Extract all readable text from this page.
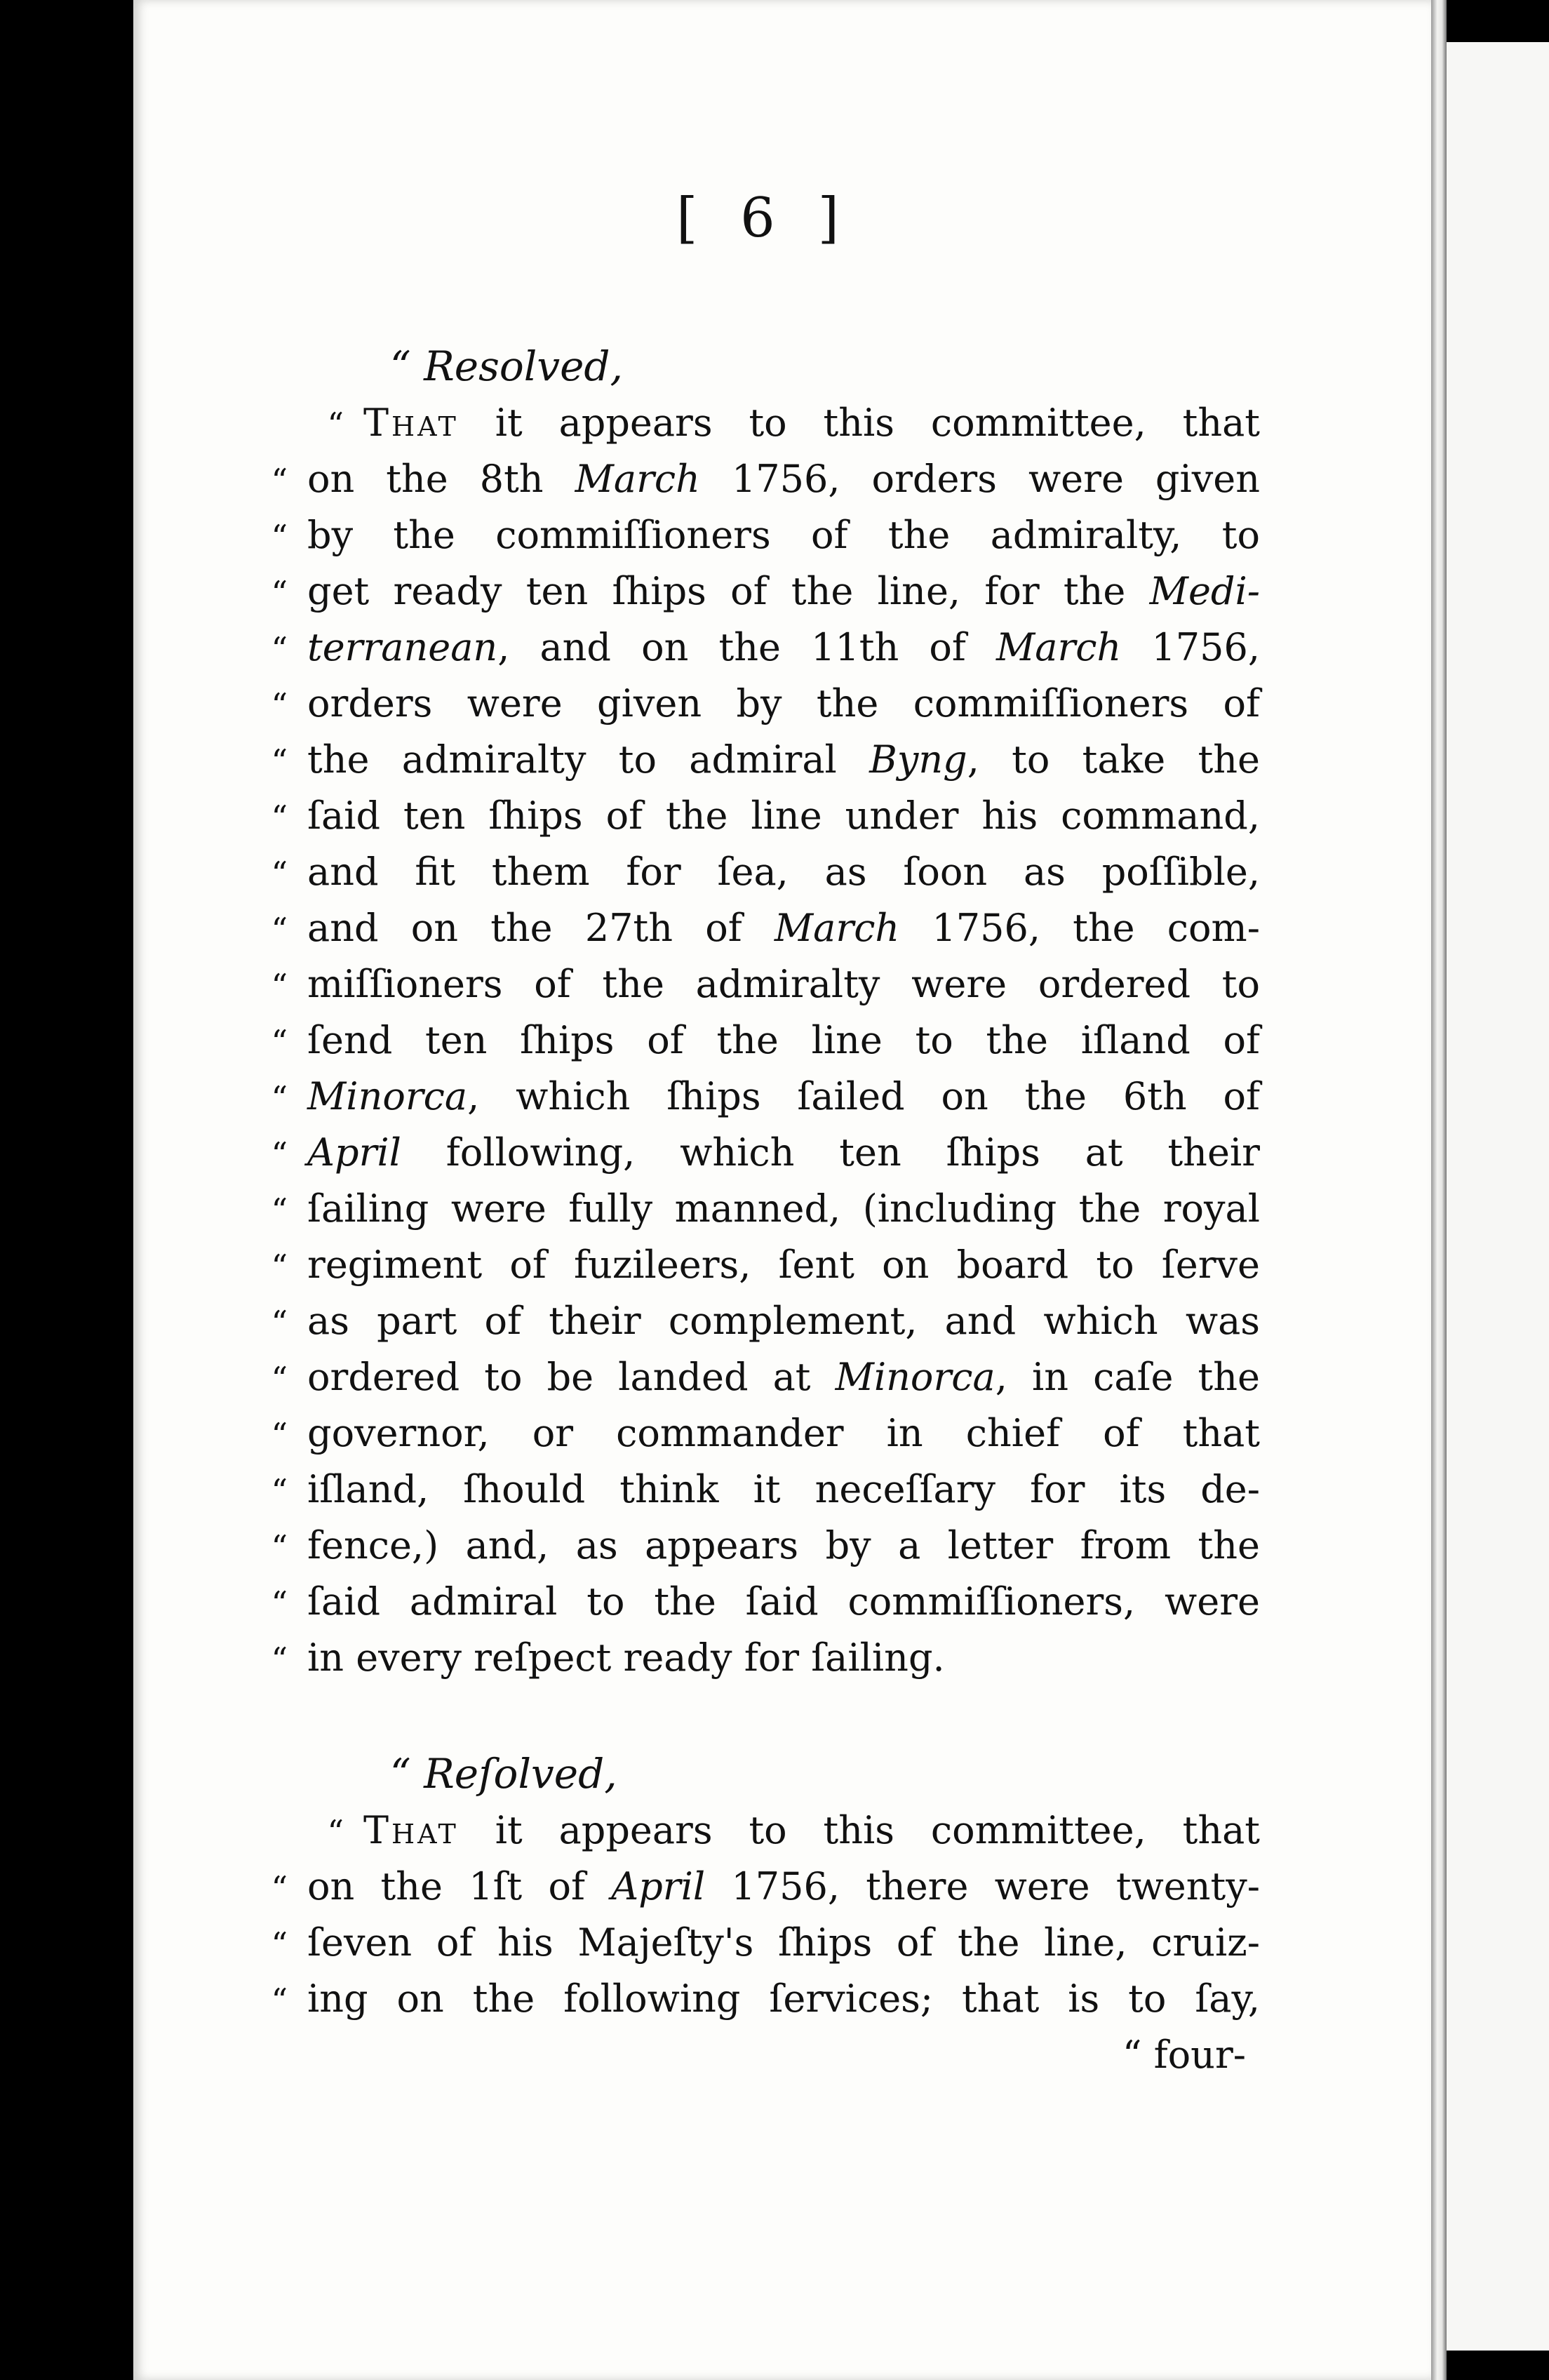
[ 6 ]
“ Resolved,
“ That it appears to this committee, that
“ on the 8th March 1756, orders were given
“ by the commiſſioners of the admiralty, to
“ get ready ten ſhips of the line, for the Medi-
“ terranean, and on the 11th of March 1756,
“ orders were given by the commiſſioners of
“ the admiralty to admiral Byng, to take the
“ ſaid ten ſhips of the line under his command,
“ and fit them for ſea, as ſoon as poſſible,
“ and on the 27th of March 1756, the com-
“ miſſioners of the admiralty were ordered to
“ ſend ten ſhips of the line to the iſland of
“ Minorca, which ſhips ſailed on the 6th of
“ April following, which ten ſhips at their
“ ſailing were fully manned, (including the royal
“ regiment of fuzileers, ſent on board to ſerve
“ as part of their complement, and which was
“ ordered to be landed at Minorca, in caſe the
“ governor, or commander in chief of that
“ iſland, ſhould think it neceſſary for its de-
“ fence,) and, as appears by a letter from the
“ ſaid admiral to the ſaid commiſſioners, were
“ in every reſpect ready for ſailing.
“ Reſolved,
“ That it appears to this committee, that
“ on the 1ſt of April 1756, there were twenty-
“ ſeven of his Majeſty's ſhips of the line, cruiz-
“ ing on the following ſervices; that is to ſay,
“ four-
